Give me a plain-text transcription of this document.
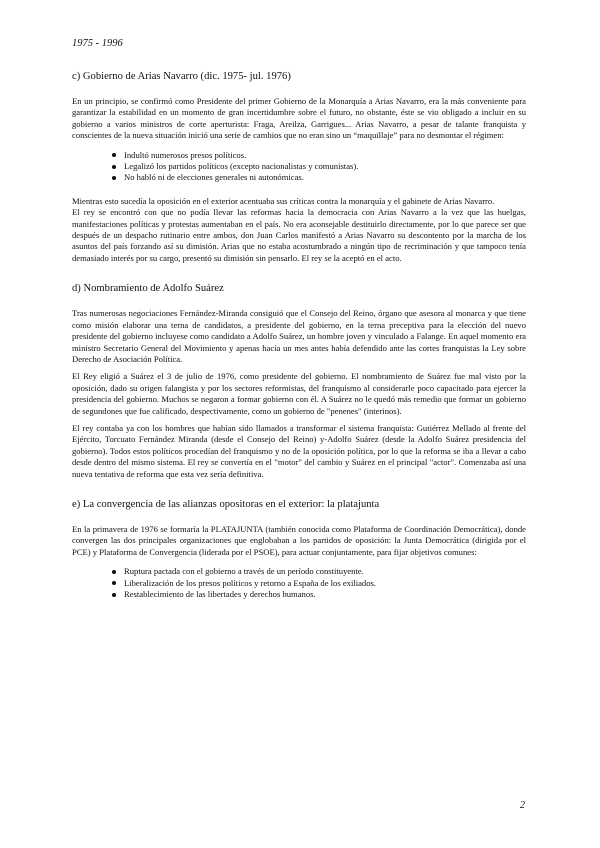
1975 - 1996
c) Gobierno de Arias Navarro (dic. 1975- jul. 1976)

En un principio, se confirmó como Presidente del primer Gobierno de la Monarquía a Arias Navarro, era la más conveniente para garantizar la estabilidad en un momento de gran incertidumbre sobre el futuro, no obstante, éste se vio obligado a incluir en su gobierno a varios ministros de corte aperturista: Fraga, Areilza, Garrigues... Arias Navarro, a pesar de talante franquista y conscientes de la nueva situación inició una serie de cambios que no eran sino un “maquillaje” para no desmontar el régimen:

Indultó numerosos presos políticos.
Legalizó los partidos políticos (excepto nacionalistas y comunistas).
No habló ni de elecciones generales ni autonómicas.

Mientras esto sucedía la oposición en el exterior acentuaba sus críticas contra la monarquía y el gabinete de Arias Navarro.

El rey se encontró con que no podía llevar las reformas hacia la democracia con Arias Navarro a la vez que las huelgas, manifestaciones políticas y protestas aumentaban en el país. No era aconsejable destituirlo directamente, por lo que parece ser que después de un despacho rutinario entre ambos, don Juan Carlos manifestó a Arias Navarro su descontento por la marcha de los asuntos del país forzando así su dimisión. Arias que no estaba acostumbrado a ningún tipo de recriminación y que tampoco tenía demasiado interés por su cargo, presentó su dimisión sin pensarlo. El rey se la aceptó en el acto.

d) Nombramiento de Adolfo Suárez

Tras numerosas negociaciones Fernández-Miranda consiguió que el Consejo del Reino, órgano que asesora al monarca y que tiene como misión elaborar una terna de candidatos, a presidente del gobierno, en la terna preceptiva para la elección del nuevo presidente del gobierno incluyese como candidato a Adolfo Suárez, un hombre joven y vinculado a Falange. En aquel momento era ministro Secretario General del Movimiento y apenas hacía un mes antes había defendido ante las cortes franquistas la Ley sobre Derecho de Asociación Política.

El Rey eligió a Suárez el 3 de julio de 1976, como presidente del gobierno. El nombramiento de Suárez fue mal visto por la oposición, dado su origen falangista y por los sectores reformistas, del franquismo al considerarle poco capacitado para ejercer la presidencia del gobierno. Muchos se negaron a formar gobierno con él. A Suárez no le quedó más remedio que formar un gobierno de segundones que fue calificado, despectivamente, como un gobierno de "penenes" (interinos).

El rey contaba ya con los hombres que habían sido llamados a transformar el sistema franquista: Gutiérrez Mellado al frente del Ejército, Torcuato Fernández Miranda (desde el Consejo del Reino) y-Adolfo Suárez (desde la Adolfo Suárez presidencia del gobierno). Todos estos políticos procedían del franquismo y no de la oposición política, por lo que la reforma se iba a llevar a cabo desde dentro del mismo sistema. El rey se convertía en el "motor" del cambio y Suárez en el principal "actor". Comenzaba así una nueva tentativa de reforma que esta vez sería definitiva.

e) La convergencia de las alianzas opositoras en el exterior: la platajunta

En la primavera de 1976 se formaría la PLATAJUNTA (también conocida como Plataforma de Coordinación Democrática), donde convergen las dos principales organizaciones que englobaban a los partidos de oposición: la Junta Democrática (dirigida por el PCE) y Plataforma de Convergencia (liderada por el PSOE), para actuar conjuntamente, para fijar objetivos comunes:

Ruptura pactada con el gobierno a través de un período constituyente.
Liberalización de los presos políticos y retorno a España de los exiliados.
Restablecimiento de las libertades y derechos humanos.
2
